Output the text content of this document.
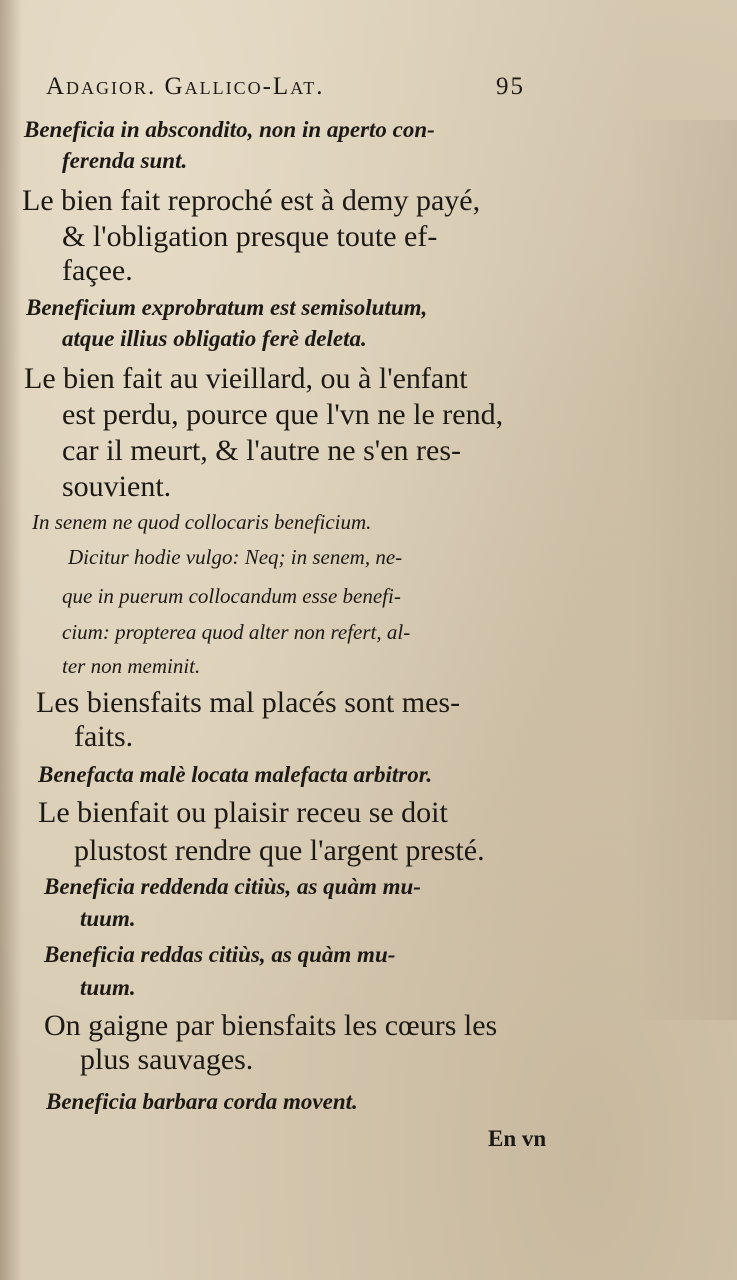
Adagior. Gallico-Lat.	95
Beneficia in abscondito, non in aperto con-
ferenda sunt.
Le bien fait reproché est à demy payé,
& l'obligation presque toute ef-
façee.
Beneficium exprobratum est semisolutum,
atque illius obligatio ferè deleta.
Le bien fait au vieillard, ou à l'enfant
est perdu, pource que l'vn ne le rend,
car il meurt, & l'autre ne s'en res-
souvient.
In senem ne quod collocaris beneficium.
Dicitur hodie vulgo: Neq; in senem, ne-
que in puerum collocandum esse benefi-
cium: propterea quod alter non refert, al-
ter non meminit.
Les biensfaits mal placés sont mes-
faits.
Benefacta malè locata malefacta arbitror.
Le bienfait ou plaisir receu se doit
plustost rendre que l'argent presté.
Beneficia reddenda citiùs, as quàm mu-
tuum.
Beneficia reddas citiùs, as quàm mu-
tuum.
On gaigne par biensfaits les cœurs les
plus sauvages.
Beneficia barbara corda movent.
En vn
